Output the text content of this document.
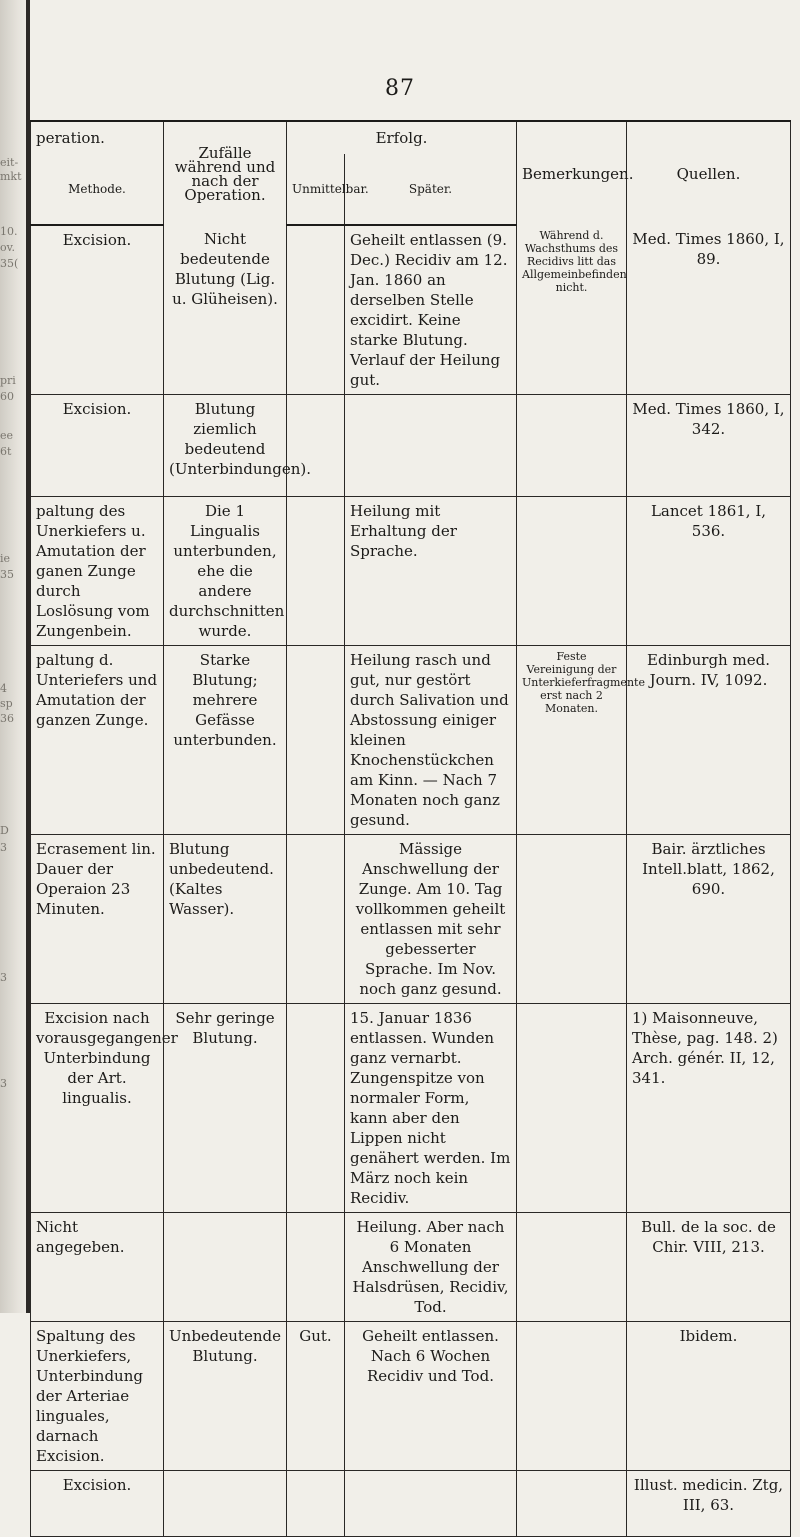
eit-
mkt
10.
ov.
35(
pri
60
ee
6t
ie
35
4
sp
36
D
3
3
3
87
peration.	Zufälle während und nach der Operation.	Erfolg.		Bemerkungen.	Quellen.
Methode.		Unmittelbar.	Später.		
Excision.	Nicht bedeutende Blutung (Lig. u. Glüheisen).		Geheilt entlassen (9. Dec.) Recidiv am 12. Jan. 1860 an derselben Stelle excidirt. Keine starke Blutung. Verlauf der Heilung gut.	Während d. Wachsthums des Recidivs litt das Allgemeinbefinden nicht.	Med. Times 1860, I, 89.
Excision.	Blutung ziemlich bedeutend (Unterbindungen).				Med. Times 1860, I, 342.
paltung des Unerkiefers u. Amutation der ganen Zunge durch Loslösung vom Zungenbein.	Die 1 Lingualis unterbunden, ehe die andere durchschnitten wurde.		Heilung mit Erhaltung der Sprache.		Lancet 1861, I, 536.
paltung d. Unteriefers und Amutation der ganzen Zunge.	Starke Blutung; mehrere Gefässe unterbunden.		Heilung rasch und gut, nur gestört durch Salivation und Abstossung einiger kleinen Knochenstückchen am Kinn. — Nach 7 Monaten noch ganz gesund.	Feste Vereinigung der Unterkieferfragmente erst nach 2 Monaten.	Edinburgh med. Journ. IV, 1092.
Ecrasement lin. Dauer der Operaion 23 Minuten.	Blutung unbedeutend. (Kaltes Wasser).		Mässige Anschwellung der Zunge. Am 10. Tag vollkommen geheilt entlassen mit sehr gebesserter Sprache. Im Nov. noch ganz gesund.		Bair. ärztliches Intell.blatt, 1862, 690.
Excision nach vorausgegangener Unterbindung der Art. lingualis.	Sehr geringe Blutung.		15. Januar 1836 entlassen. Wunden ganz vernarbt. Zungenspitze von normaler Form, kann aber den Lippen nicht genähert werden. Im März noch kein Recidiv.		1) Maisonneuve, Thèse, pag. 148. 2) Arch. génér. II, 12, 341.
Nicht angegeben.			Heilung. Aber nach 6 Monaten Anschwellung der Halsdrüsen, Recidiv, Tod.		Bull. de la soc. de Chir. VIII, 213.
Spaltung des Unerkiefers, Unterbindung der Arteriae linguales, darnach Excision.	Unbedeutende Blutung.	Gut.	Geheilt entlassen. Nach 6 Wochen Recidiv und Tod.		Ibidem.
Excision.					Illust. medicin. Ztg, III, 63.
